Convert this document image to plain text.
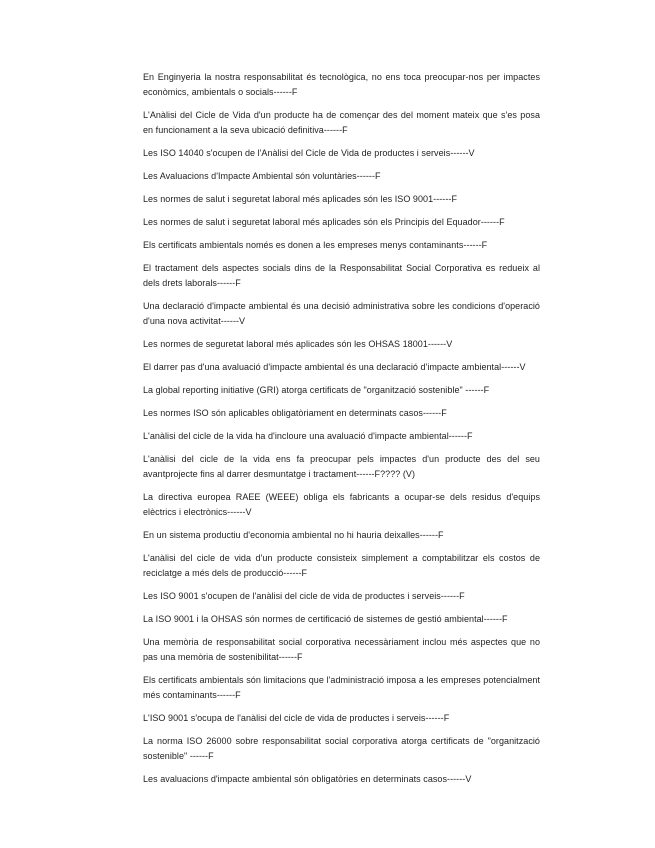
En Enginyeria la nostra responsabilitat és tecnològica, no ens toca preocupar-nos per impactes econòmics, ambientals o socials------F

L'Anàlisi del Cicle de Vida d'un producte ha de començar des del moment mateix que s'es posa en funcionament a la seva ubicació definitiva------F

Les ISO 14040 s'ocupen de l'Anàlisi del Cicle de Vida de productes i serveis------V

Les Avaluacions d'Impacte Ambiental són voluntàries------F

Les normes de salut i seguretat laboral més aplicades són les ISO 9001------F

Les normes de salut i seguretat laboral més aplicades són els Principis del Equador------F

Els certificats ambientals només es donen a les empreses menys contaminants------F

El tractament dels aspectes socials dins de la Responsabilitat Social Corporativa es redueix al dels drets laborals------F

Una declaració d'impacte ambiental és una decisió administrativa sobre les condicions d'operació d'una nova activitat------V

Les normes de seguretat laboral més aplicades són les OHSAS 18001------V

El darrer pas d'una avaluació d'impacte ambiental és una declaració d'impacte ambiental------V

La global reporting initiative (GRI) atorga certificats de "organització sostenible" ------F

Les normes ISO són aplicables obligatòriament en determinats casos------F

L'anàlisi del cicle de la vida ha d'incloure una avaluació d'impacte ambiental------F

L'anàlisi del cicle de la vida ens fa preocupar pels impactes d'un producte des del seu avantprojecte fins al darrer desmuntatge i tractament------F???? (V)

La directiva europea RAEE (WEEE) obliga els fabricants a ocupar-se dels residus d'equips elèctrics i electrònics------V

En un sistema productiu d'economia ambiental no hi hauria deixalles------F

L'anàlisi del cicle de vida d'un producte consisteix simplement a comptabilitzar els costos de reciclatge a més dels de producció------F

Les ISO 9001 s'ocupen de l'anàlisi del cicle de vida de productes i serveis------F

La ISO 9001 i la OHSAS són normes de certificació de sistemes de gestió ambiental------F

Una memòria de responsabilitat social corporativa necessàriament inclou més aspectes que no pas una memòria de sostenibilitat------F

Els certificats ambientals són limitacions que l'administració imposa a les empreses potencialment més contaminants------F

L'ISO 9001 s'ocupa de l'anàlisi del cicle de vida de productes i serveis------F

La norma ISO 26000 sobre responsabilitat social corporativa atorga certificats de "organització sostenible" ------F

Les avaluacions d'impacte ambiental són obligatòries en determinats casos------V
